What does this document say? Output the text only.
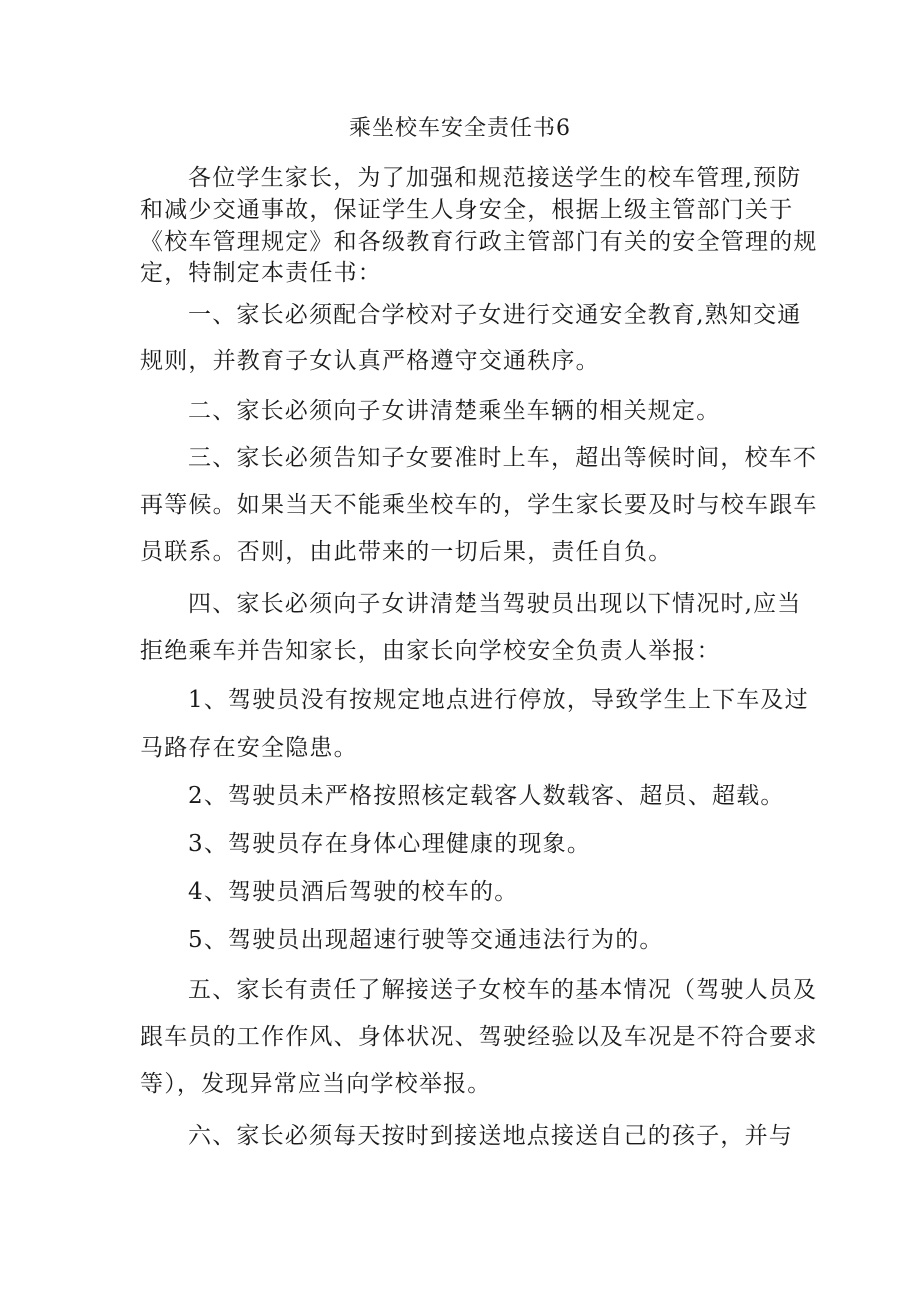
乘坐校车安全责任书6

各位学生家长，为了加强和规范接送学生的校车管理,预防

和减少交通事故，保证学生人身安全，根据上级主管部门关于

《校车管理规定》和各级教育行政主管部门有关的安全管理的规

定，特制定本责任书：

一、家长必须配合学校对子女进行交通安全教育,熟知交通

规则，并教育子女认真严格遵守交通秩序。

二、家长必须向子女讲清楚乘坐车辆的相关规定。

三、家长必须告知子女要准时上车，超出等候时间，校车不

再等候。如果当天不能乘坐校车的，学生家长要及时与校车跟车

员联系。否则，由此带来的一切后果，责任自负。

四、家长必须向子女讲清楚当驾驶员出现以下情况时,应当

拒绝乘车并告知家长，由家长向学校安全负责人举报：

1、驾驶员没有按规定地点进行停放，导致学生上下车及过

马路存在安全隐患。

2、驾驶员未严格按照核定载客人数载客、超员、超载。

3、驾驶员存在身体心理健康的现象。

4、驾驶员酒后驾驶的校车的。

5、驾驶员出现超速行驶等交通违法行为的。

五、家长有责任了解接送子女校车的基本情况（驾驶人员及

跟车员的工作作风、身体状况、驾驶经验以及车况是不符合要求

等），发现异常应当向学校举报。

六、家长必须每天按时到接送地点接送自己的孩子，并与
